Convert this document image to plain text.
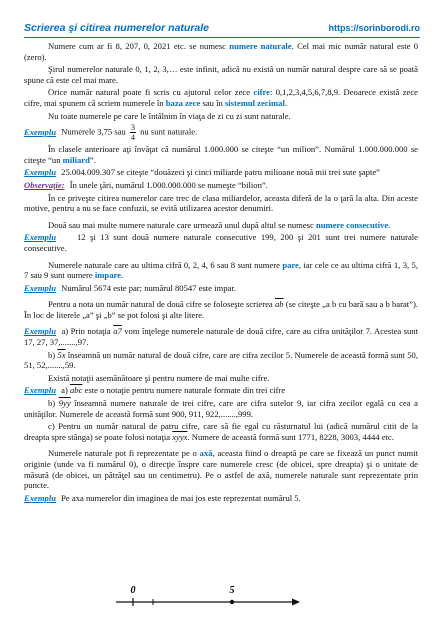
Scrierea şi citirea numerelor naturale	https://sorinborodi.ro

Numere cum ar fi 8, 207, 0, 2021 etc. se numesc numere naturale. Cel mai mic număr natural este 0 (zero).

Şirul numerelor naturale 0, 1, 2, 3,… este infinit, adică nu există un număr natural despre care să se poată spune că este cel mai mare.

Orice număr natural poate fi scris cu ajutorul celor zece cifre: 0,1,2,3,4,5,6,7,8,9. Deoarece există zece cifre, mai spunem că scriem numerele în baza zece sau în sistemul zecimal.

Nu toate numerele pe care le întâlnim în viaţa de zi cu zi sunt naturale.

Exemplu Numerele 3,75 sau $\frac{3}{4}$ nu sunt naturale.

În clasele anterioare aţi învăţat că numărul 1.000.000 se citeşte “un milion”. Numărul 1.000.000.000 se citeşte “un miliard”.

Exemplu 25.004.009.307 se citeşte “douăzeci şi cinci miliarde patru milioane nouă mii trei sute şapte”

Observaţie: În unele ţări, numărul 1.000.000.000 se numeşte “bilion”.

În ce priveşte citirea numerelor care trec de clasa miliardelor, aceasta diferă de la o ţară la alta. Din aceste motive, pentru a nu se face confuzii, se evită utilizarea acestor denumiri.

Două sau mai multe numere naturale care urmează unul după altul se numesc numere consecutive.

Exemplu 12 şi 13 sunt două numere naturale consecutive 199, 200 şi 201 sunt trei numere naturale consecutive.

Numerele naturale care au ultima cifră 0, 2, 4, 6 sau 8 sunt numere pare, iar cele ce au ultima cifră 1, 3, 5, 7 sau 9 sunt numere impare.

Exemplu Numărul 5674 este par; numărul 80547 este impar.

Pentru a nota un număr natural de două cifre se foloseşte scrierea $\overline{ab}$ (se citeşte „a b cu bară sau a b barat”). În loc de literele „a” şi „b” se pot folosi şi alte litere.

Exemplu a) Prin notaţia a7 vom înţelege numerele naturale de două cifre, care au cifra unităţilor 7. Acestea sunt 17, 27, 37,.......,97.

b) 5x înseamnă un număr natural de două cifre, care are cifra zecilor 5. Numerele de această formă sunt 50, 51, 52,.......,59.

Există notaţii asemănătoare şi pentru numere de mai multe cifre.

Exemplu a) $\overline{abc}$ este o notaţie pentru numere naturale formate din trei cifre

b) 9yy înseamnă numere naturale de trei cifre, care are cifra sutelor 9, iar cifra zecilor egală cu cea a unităţilor. Numerele de această formă sunt 900, 911, 922,.......,999.

c) Pentru un număr natural de patru cifre, care să fie egal cu răsturnatul lui (adică numărul citit de la dreapta spre stânga) se poate folosi notaţia xyyx. Numere de această formă sunt 1771, 8228, 3003, 4444 etc.

Numerele naturale pot fi reprezentate pe o axă, aceasta fiind o dreaptă pe care se fixează un punct numit originie (unde va fi numărul 0), o direcţie înspre care numerele cresc (de obicei, spre dreapta) şi o unitate de măsură (de obicei, un pătrăţel sau un centimetru). Pe o astfel de axă, numerele naturale sunt reprezentate prin puncte.

Exemplu Pe axa numerelor din imaginea de mai jos este reprezentat numărul 5.

0	5
